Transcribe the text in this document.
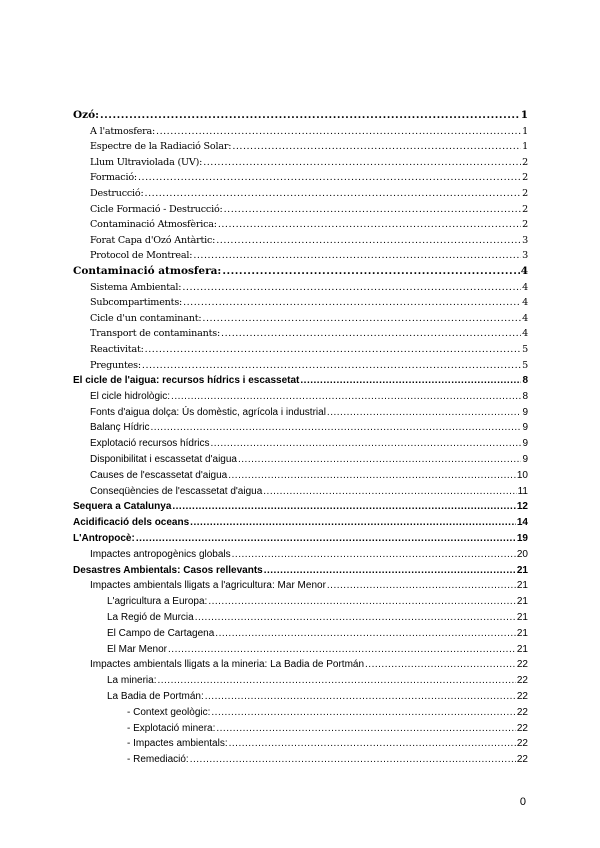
Ozó: .....	1
A l'atmosfera: .....	1
Espectre de la Radiació Solar: .....	1
Llum Ultraviolada (UV): .....	2
Formació: .....	2
Destrucció: .....	2
Cicle Formació - Destrucció: .....	2
Contaminació Atmosfèrica: .....	2
Forat Capa d'Ozó Antàrtic: .....	3
Protocol de Montreal: .....	3
Contaminació atmosfera: .....	4
Sistema Ambiental: .....	4
Subcompartiments: .....	4
Cicle d'un contaminant: .....	4
Transport de contaminants: .....	4
Reactivitat: .....	5
Preguntes: .....	5
El cicle de l'aigua: recursos hídrics i escassetat .....	8
El cicle hidrològic: .....	8
Fonts d'aigua dolça: Ús domèstic, agrícola i industrial .....	9
Balanç Hídric .....	9
Explotació recursos hídrics .....	9
Disponibilitat i escassetat d'aigua .....	9
Causes de l'escassetat d'aigua .....	10
Conseqüències de l'escassetat d'aigua .....	11
Sequera a Catalunya .....	12
Acidificació dels oceans .....	14
L'Antropocè: .....	19
Impactes antropogènics globals .....	20
Desastres Ambientals: Casos rellevants .....	21
Impactes ambientals lligats a l'agricultura: Mar Menor .....	21
L'agricultura a Europa: .....	21
La Regió de Murcia .....	21
El Campo de Cartagena .....	21
El Mar Menor .....	21
Impactes ambientals lligats a la mineria: La Badia de Portmán .....	22
La mineria: .....	22
La Badia de Portmán: .....	22
- Context geològic: .....	22
- Explotació minera: .....	22
- Impactes ambientals: .....	22
- Remediació: .....	22
0
